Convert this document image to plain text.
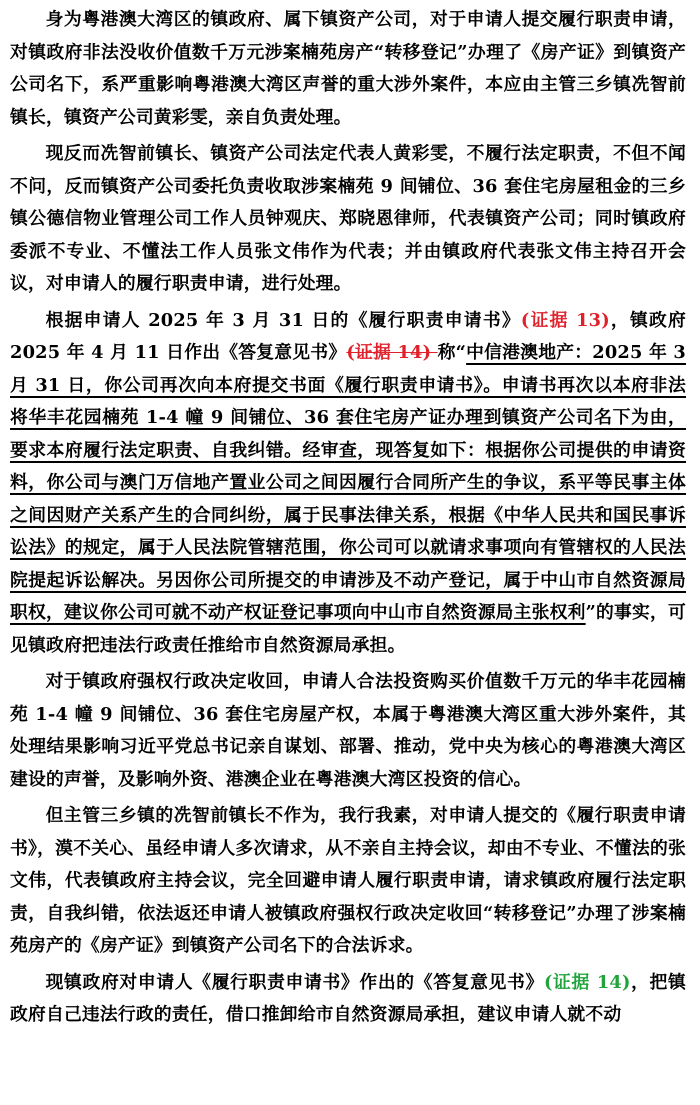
身为粤港澳大湾区的镇政府、属下镇资产公司，对于申请人提交履行职责申请，对镇政府非法没收价值数千万元涉案楠苑房产“转移登记”办理了《房产证》到镇资产公司名下，系严重影响粤港澳大湾区声誉的重大涉外案件，本应由主管三乡镇冼智前镇长，镇资产公司黄彩雯，亲自负责处理。

现反而冼智前镇长、镇资产公司法定代表人黄彩雯，不履行法定职责，不但不闻不问，反而镇资产公司委托负责收取涉案楠苑 9 间铺位、36 套住宅房屋租金的三乡镇公德信物业管理公司工作人员钟观庆、郑晓恩律师，代表镇资产公司；同时镇政府委派不专业、不懂法工作人员张文伟作为代表；并由镇政府代表张文伟主持召开会议，对申请人的履行职责申请，进行处理。

根据申请人 2025 年 3 月 31 日的《履行职责申请书》(证据 13)，镇政府 2025 年 4 月 11 日作出《答复意见书》(证据 14) 称“中信港澳地产：2025 年 3 月 31 日，你公司再次向本府提交书面《履行职责申请书》。申请书再次以本府非法将华丰花园楠苑 1-4 幢 9 间铺位、36 套住宅房产证办理到镇资产公司名下为由，要求本府履行法定职责、自我纠错。经审查，现答复如下：根据你公司提供的申请资料，你公司与澳门万信地产置业公司之间因履行合同所产生的争议，系平等民事主体之间因财产关系产生的合同纠纷，属于民事法律关系，根据《中华人民共和国民事诉讼法》的规定，属于人民法院管辖范围，你公司可以就请求事项向有管辖权的人民法院提起诉讼解决。另因你公司所提交的申请涉及不动产登记，属于中山市自然资源局职权，建议你公司可就不动产权证登记事项向中山市自然资源局主张权利”的事实，可见镇政府把违法行政责任推给市自然资源局承担。

对于镇政府强权行政决定收回，申请人合法投资购买价值数千万元的华丰花园楠苑 1-4 幢 9 间铺位、36 套住宅房屋产权，本属于粤港澳大湾区重大涉外案件，其处理结果影响习近平党总书记亲自谋划、部署、推动，党中央为核心的粤港澳大湾区建设的声誉，及影响外资、港澳企业在粤港澳大湾区投资的信心。

但主管三乡镇的冼智前镇长不作为，我行我素，对申请人提交的《履行职责申请书》，漠不关心、虽经申请人多次请求，从不亲自主持会议，却由不专业、不懂法的张文伟，代表镇政府主持会议，完全回避申请人履行职责申请，请求镇政府履行法定职责，自我纠错，依法返还申请人被镇政府强权行政决定收回“转移登记”办理了涉案楠苑房产的《房产证》到镇资产公司名下的合法诉求。

现镇政府对申请人《履行职责申请书》作出的《答复意见书》(证据 14)，把镇政府自己违法行政的责任，借口推卸给市自然资源局承担，建议申请人就不动
